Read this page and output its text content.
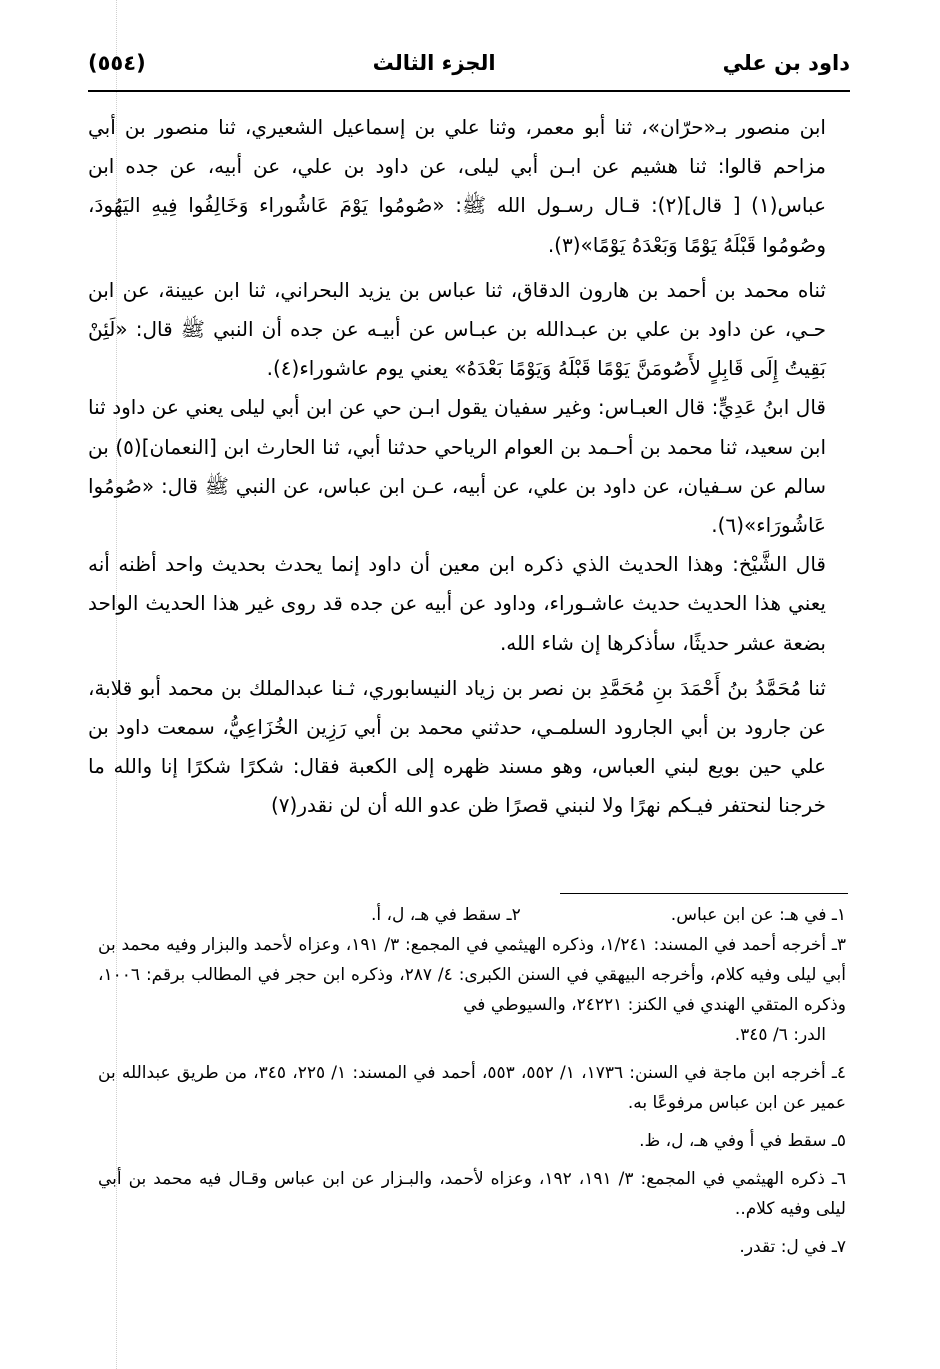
(٥٥٤)	الجزء الثالث	داود بن علي

ابن منصور بـ«حرّان»، ثنا أبو معمر، وثنا علي بن إسماعيل الشعيري، ثنا منصور بن أبي مزاحم قالوا: ثنا هشيم عن ابـن أبي ليلى، عن داود بن علي، عن أبيه، عن جده ابن عباس(١) [ قال](٢): قـال رسـول الله ﷺ: «صُومُوا يَوْمَ عَاشُوراء وَخَالِفُوا فِيهِ اليَهُودَ، وصُومُوا قَبْلَهُ يَوْمًا وَبَعْدَهُ يَوْمًا»(٣).

ثناه محمد بن أحمد بن هارون الدقاق، ثنا عباس بن يزيد البحراني، ثنا ابن عيينة، عن ابن حـي، عن داود بن علي بن عبـدالله بن عبـاس عن أبيـه عن جده أن النبي ﷺ قال: «لَئِنْ بَقِيتُ إِلَى قَابِلٍ لأَصُومَنَّ يَوْمًا قَبْلَهُ وَيَوْمًا بَعْدَهُ» يعني يوم عاشوراء(٤).

قال ابنُ عَدِيٍّ: قال العبـاس: وغير سفيان يقول ابـن حي عن ابن أبي ليلى يعني عن داود ثنا ابن سعيد، ثنا محمد بن أحـمد بن العوام الرياحي حدثنا أبي، ثنا الحارث ابن [النعمان](٥) بن سالم عن سـفيان، عن داود بن علي، عن أبيه، عـن ابن عباس، عن النبي ﷺ قال: «صُومُوا عَاشُورَاء»(٦).

قال الشَّيْخ: وهذا الحديث الذي ذكره ابن معين أن داود إنما يحدث بحديث واحد أظنه أنه يعني هذا الحديث حديث عاشـوراء، وداود عن أبيه عن جده قد روى غير هذا الحديث الواحد بضعة عشر حديثًا، سأذكرها إن شاء الله.

ثنا مُحَمَّدُ بنُ أَحْمَدَ بنِ مُحَمَّدِ بن نصر بن زياد النيسابوري، ثـنا عبدالملك بن محمد أبو قلابة، عن جارود بن أبي الجارود السلمـي، حدثني محمد بن أبي رَزِين الخُزَاعِيُّ، سمعت داود بن علي حين بويع لبني العباس، وهو مسند ظهره إلى الكعبة فقال: شكرًا شكرًا إنا والله ما خرجنا لنحتفر فيـكم نهرًا ولا لنبني قصرًا ظن عدو الله أن لن نقدر(٧)

١ـ في هـ: عن ابن عباس.
٢ـ سقط في هـ، ل، أ.

٣ـ أخرجه أحمد في المسند: ١/٢٤١، وذكره الهيثمي في المجمع: ٣/ ١٩١، وعزاه لأحمد والبزار وفيه محمد بن أبي ليلى وفيه كلام، وأخرجه البيهقي في السنن الكبرى: ٤/ ٢٨٧، وذكره ابن حجر في المطالب برقم: ١٠٠٦، وذكره المتقي الهندي في الكنز: ٢٤٢٢١، والسيوطي في

الدر: ٦/ ٣٤٥.

٤ـ أخرجه ابن ماجة في السنن: ١٧٣٦، ١/ ٥٥٢، ٥٥٣، أحمد في المسند: ١/ ٢٢٥، ٣٤٥، من طريق عبدالله بن عمير عن ابن عباس مرفوعًا به.

٥ـ سقط في أ وفي هـ، ل، ظ.

٦ـ ذكره الهيثمي في المجمع: ٣/ ١٩١، ١٩٢، وعزاه لأحمد، والبـزار عن ابن عباس وقـال فيه محمد بن أبي ليلى وفيه كلام..

٧ـ في ل: تقدر.
